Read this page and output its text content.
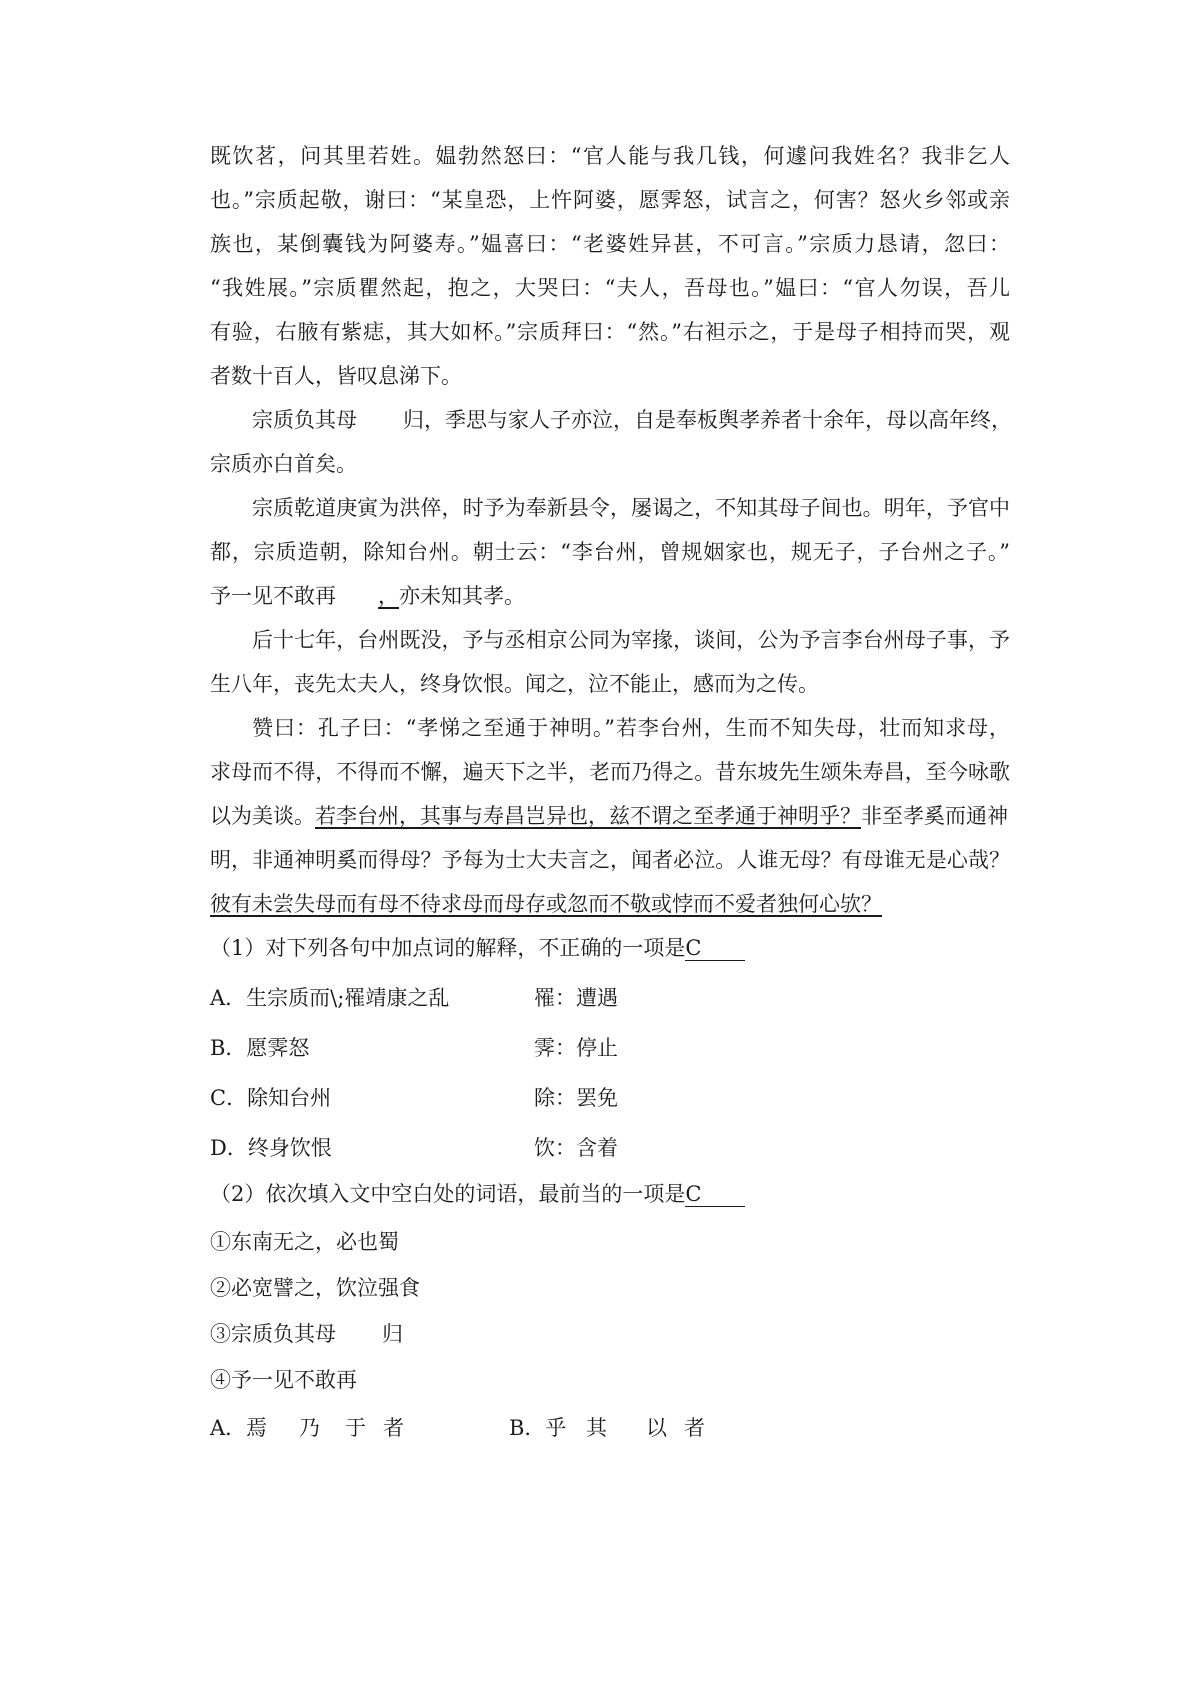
既饮茗，问其里若姓。媪勃然怒曰：“官人能与我几钱，何遽问我姓名？我非乞人
也。”宗质起敬，谢曰：“某皇恐，上忤阿婆，愿霁怒，试言之，何害？怒火乡邻或亲
族也，某倒囊钱为阿婆寿。”媪喜曰：“老婆姓异甚，不可言。”宗质力恳请，忽曰：
“我姓展。”宗质瞿然起，抱之，大哭曰：“夫人，吾母也。”媪曰：“官人勿误，吾儿
有验，右腋有紫痣，其大如杯。”宗质拜曰：“然。”右袒示之，于是母子相持而哭，观
者数十百人，皆叹息涕下。
宗质负其母 归，季思与家人子亦泣，自是奉板舆孝养者十余年，母以高年终，
宗质亦白首矣。
宗质乾道庚寅为洪倅，时予为奉新县令，屡谒之，不知其母子间也。明年，予官中
都，宗质造朝，除知台州。朝士云：“李台州，曾规姻家也，规无子，子台州之子。”
予一见不敢再 ，亦未知其孝。
后十七年，台州既没，予与丞相京公同为宰掾，谈间，公为予言李台州母子事，予
生八年，丧先太夫人，终身饮恨。闻之，泣不能止，感而为之传。
赞曰：孔子曰：“孝悌之至通于神明。”若李台州，生而不知失母，壮而知求母，
求母而不得，不得而不懈，遍天下之半，老而乃得之。昔东坡先生颂朱寿昌，至今咏歌
以为美谈。若李台州，其事与寿昌岂异也，兹不谓之至孝通于神明乎？非至孝奚而通神
明，非通神明奚而得母？予每为士大夫言之，闻者必泣。人谁无母？有母谁无是心哉？
彼有未尝失母而有母不待求母而母存或忽而不敬或悖而不爱者独何心欤？
（1）对下列各句中加点词的解释，不正确的一项是C
A．生宗质而\;罹靖康之乱	罹：遭遇
B．愿霁怒	霁：停止
C．除知台州	除：罢免
D．终身饮恨	饮：含着
（2）依次填入文中空白处的词语，最前当的一项是C
①东南无之，必也蜀
②必宽譬之，饮泣强食
③宗质负其母 归
④予一见不敢再
A．焉 乃 于 者	B．乎 其 以 者
